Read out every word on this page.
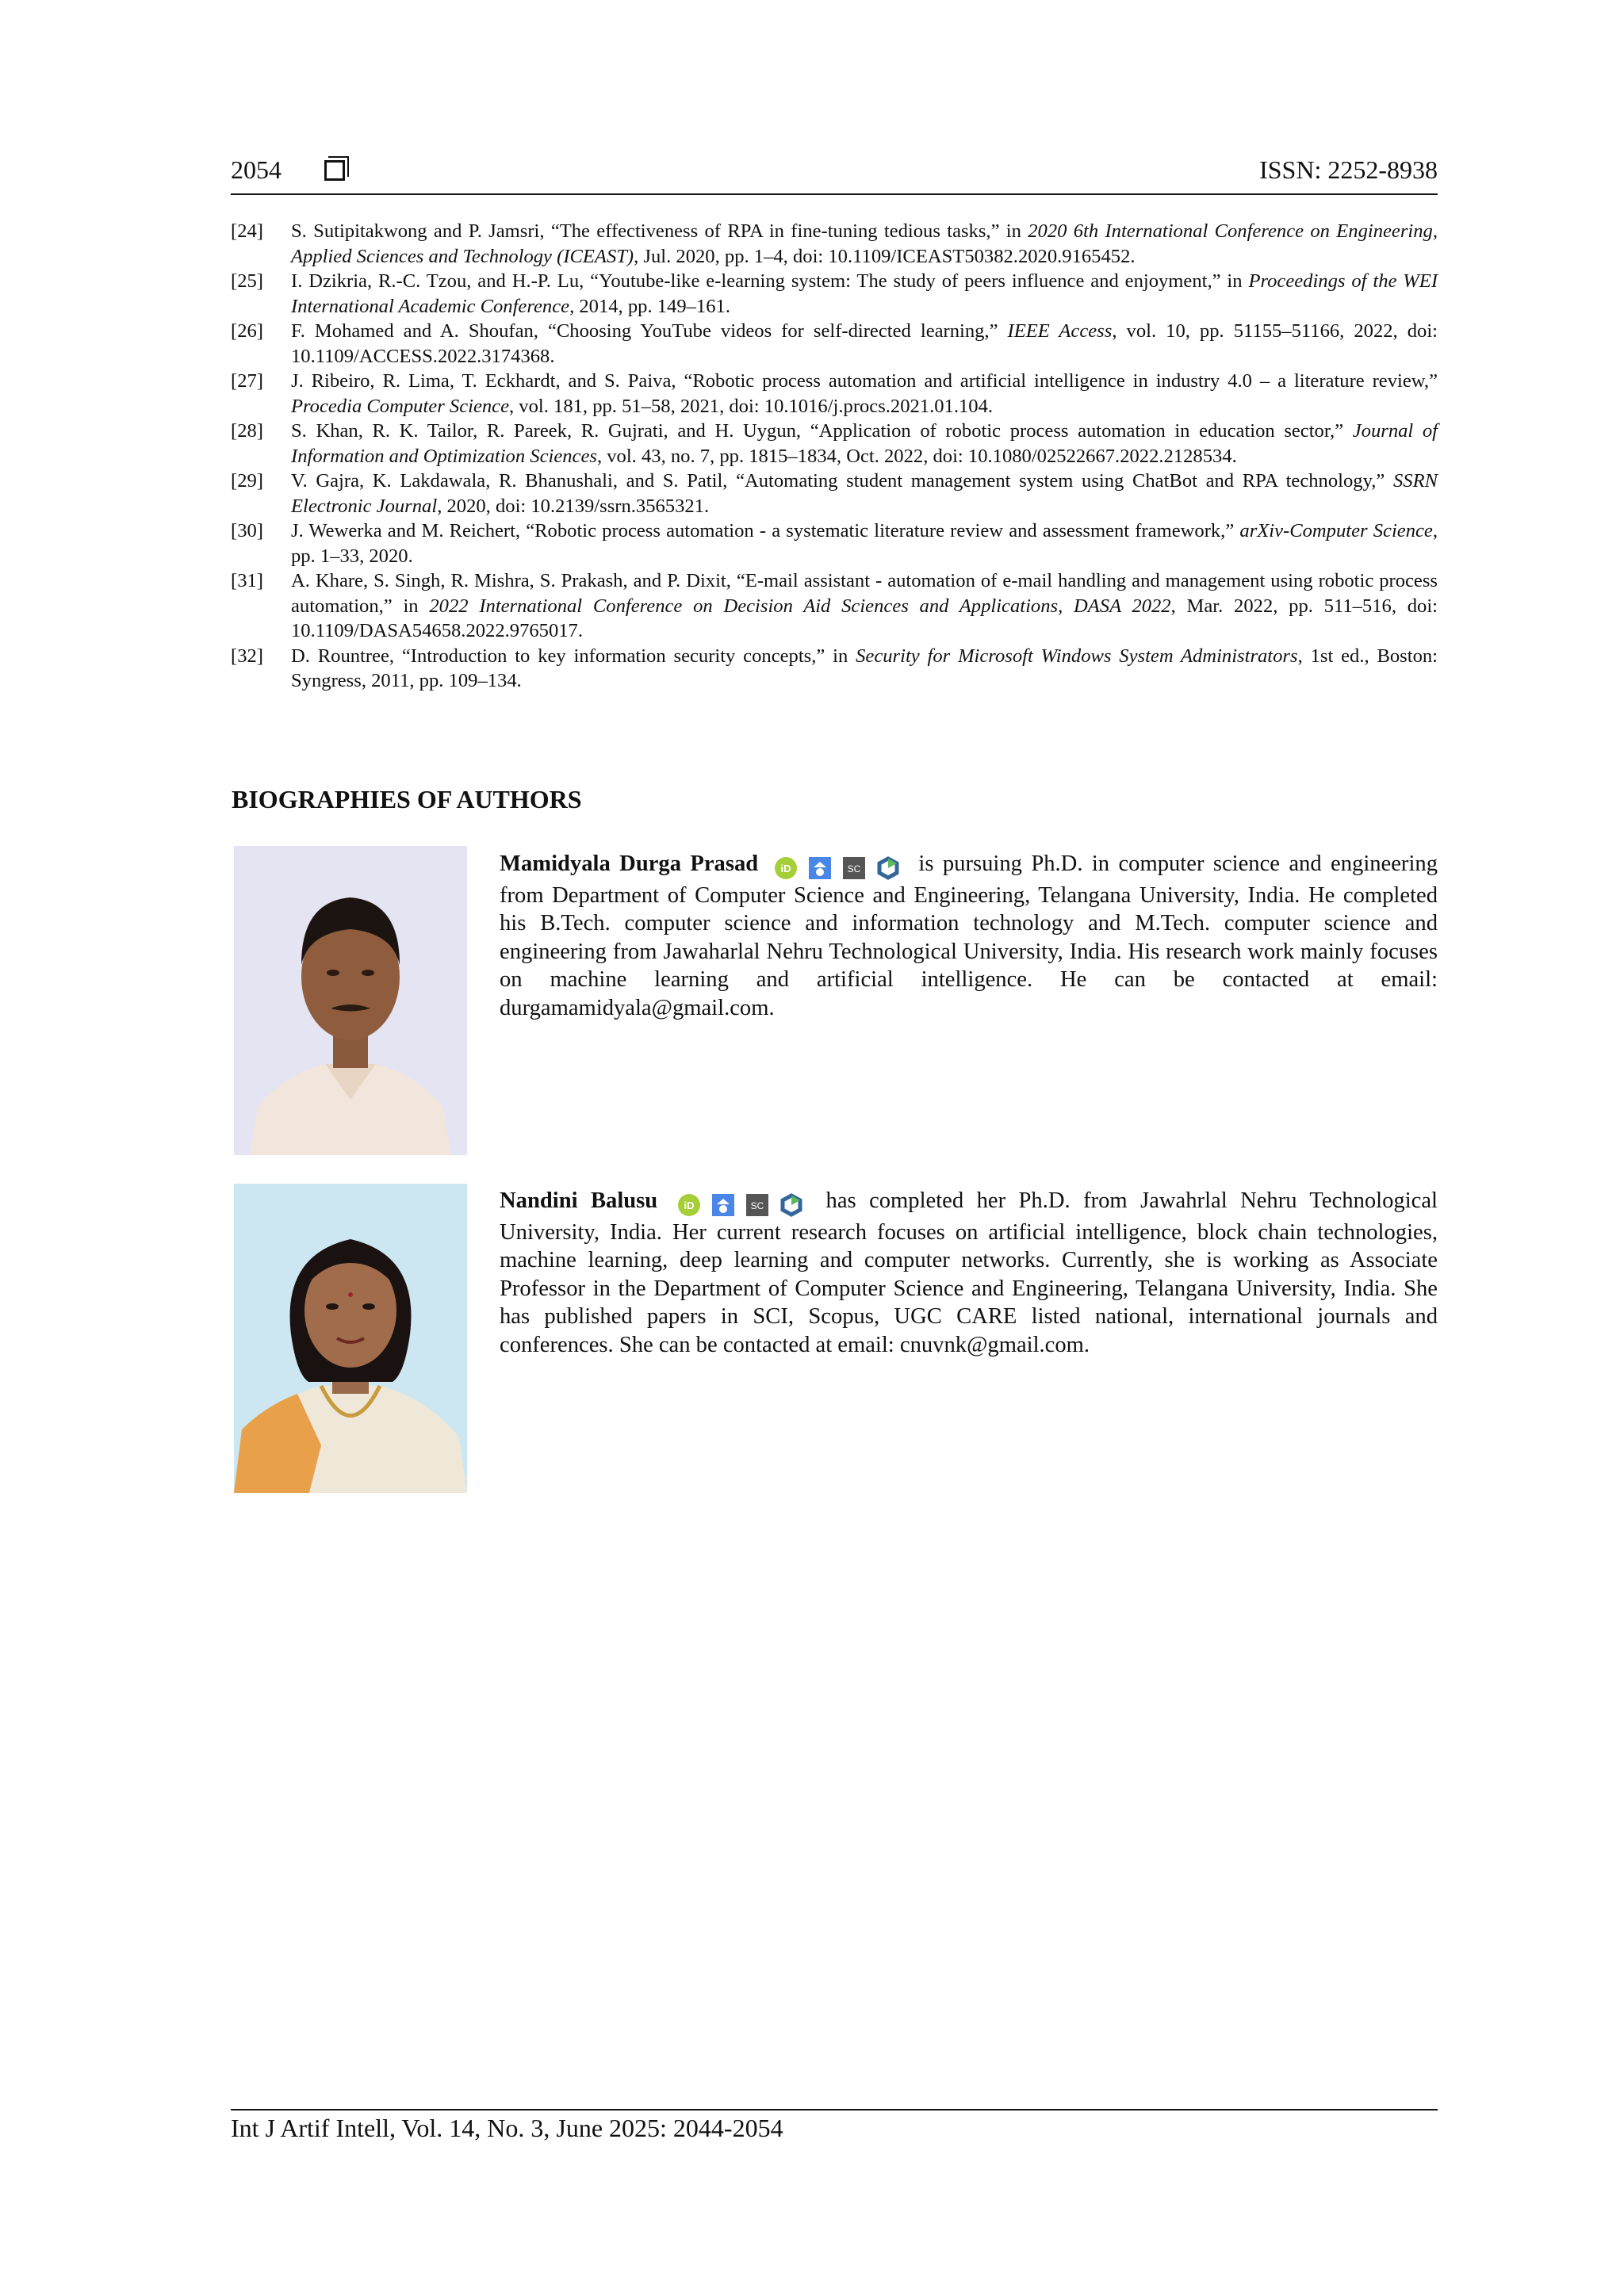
2054	ISSN: 2252-8938
[24] S. Sutipitakwong and P. Jamsri, “The effectiveness of RPA in fine-tuning tedious tasks,” in 2020 6th International Conference on Engineering, Applied Sciences and Technology (ICEAST), Jul. 2020, pp. 1–4, doi: 10.1109/ICEAST50382.2020.9165452.
[25] I. Dzikria, R.-C. Tzou, and H.-P. Lu, “Youtube-like e-learning system: The study of peers influence and enjoyment,” in Proceedings of the WEI International Academic Conference, 2014, pp. 149–161.
[26] F. Mohamed and A. Shoufan, “Choosing YouTube videos for self-directed learning,” IEEE Access, vol. 10, pp. 51155–51166, 2022, doi: 10.1109/ACCESS.2022.3174368.
[27] J. Ribeiro, R. Lima, T. Eckhardt, and S. Paiva, “Robotic process automation and artificial intelligence in industry 4.0 – a literature review,” Procedia Computer Science, vol. 181, pp. 51–58, 2021, doi: 10.1016/j.procs.2021.01.104.
[28] S. Khan, R. K. Tailor, R. Pareek, R. Gujrati, and H. Uygun, “Application of robotic process automation in education sector,” Journal of Information and Optimization Sciences, vol. 43, no. 7, pp. 1815–1834, Oct. 2022, doi: 10.1080/02522667.2022.2128534.
[29] V. Gajra, K. Lakdawala, R. Bhanushali, and S. Patil, “Automating student management system using ChatBot and RPA technology,” SSRN Electronic Journal, 2020, doi: 10.2139/ssrn.3565321.
[30] J. Wewerka and M. Reichert, “Robotic process automation - a systematic literature review and assessment framework,” arXiv-Computer Science, pp. 1–33, 2020.
[31] A. Khare, S. Singh, R. Mishra, S. Prakash, and P. Dixit, “E-mail assistant - automation of e-mail handling and management using robotic process automation,” in 2022 International Conference on Decision Aid Sciences and Applications, DASA 2022, Mar. 2022, pp. 511–516, doi: 10.1109/DASA54658.2022.9765017.
[32] D. Rountree, “Introduction to key information security concepts,” in Security for Microsoft Windows System Administrators, 1st ed., Boston: Syngress, 2011, pp. 109–134.
BIOGRAPHIES OF AUTHORS
Mamidyala Durga Prasad iD
	SC	is pursuing Ph.D. in computer science and engineering from Department of Computer Science and Engineering, Telangana University, India. He completed his B.Tech. computer science and information technology and M.Tech. computer science and engineering from Jawaharlal Nehru Technological University, India. His research work mainly focuses on machine learning and artificial intelligence. He can be contacted at email: durgamamidyala@gmail.com.
Nandini Balusu	iD
	SC	has completed her Ph.D. from Jawahrlal Nehru Technological University, India. Her current research focuses on artificial intelligence, block chain technologies, machine learning, deep learning and computer networks. Currently, she is working as Associate Professor in the Department of Computer Science and Engineering, Telangana University, India. She has published papers in SCI, Scopus, UGC CARE listed national, international journals and conferences. She can be contacted at email: cnuvnk@gmail.com.
Int J Artif Intell, Vol. 14, No. 3, June 2025: 2044-2054
